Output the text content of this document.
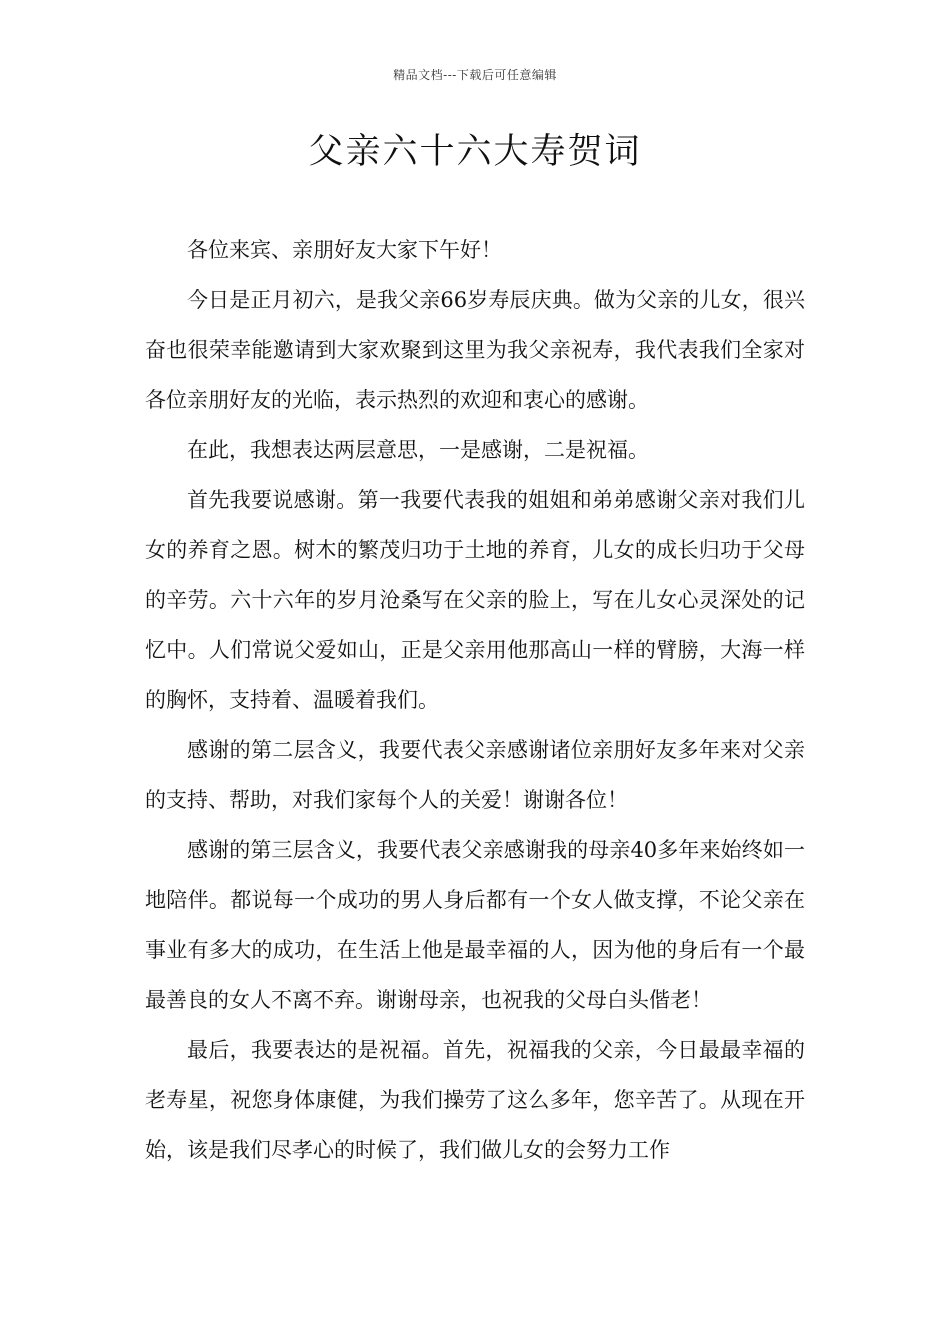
精品文档---下载后可任意编辑
父亲六十六大寿贺词

各位来宾、亲朋好友大家下午好！

今日是正月初六，是我父亲66岁寿辰庆典。做为父亲的儿女，很兴奋也很荣幸能邀请到大家欢聚到这里为我父亲祝寿，我代表我们全家对各位亲朋好友的光临，表示热烈的欢迎和衷心的感谢。

在此，我想表达两层意思，一是感谢，二是祝福。

首先我要说感谢。第一我要代表我的姐姐和弟弟感谢父亲对我们儿女的养育之恩。树木的繁茂归功于土地的养育，儿女的成长归功于父母的辛劳。六十六年的岁月沧桑写在父亲的脸上，写在儿女心灵深处的记忆中。人们常说父爱如山，正是父亲用他那高山一样的臂膀，大海一样的胸怀，支持着、温暖着我们。

感谢的第二层含义，我要代表父亲感谢诸位亲朋好友多年来对父亲的支持、帮助，对我们家每个人的关爱！谢谢各位！

感谢的第三层含义，我要代表父亲感谢我的母亲40多年来始终如一地陪伴。都说每一个成功的男人身后都有一个女人做支撑，不论父亲在事业有多大的成功，在生活上他是最幸福的人，因为他的身后有一个最最善良的女人不离不弃。谢谢母亲，也祝我的父母白头偕老！

最后，我要表达的是祝福。首先，祝福我的父亲，今日最最幸福的老寿星，祝您身体康健，为我们操劳了这么多年，您辛苦了。从现在开始，该是我们尽孝心的时候了，我们做儿女的会努力工作
